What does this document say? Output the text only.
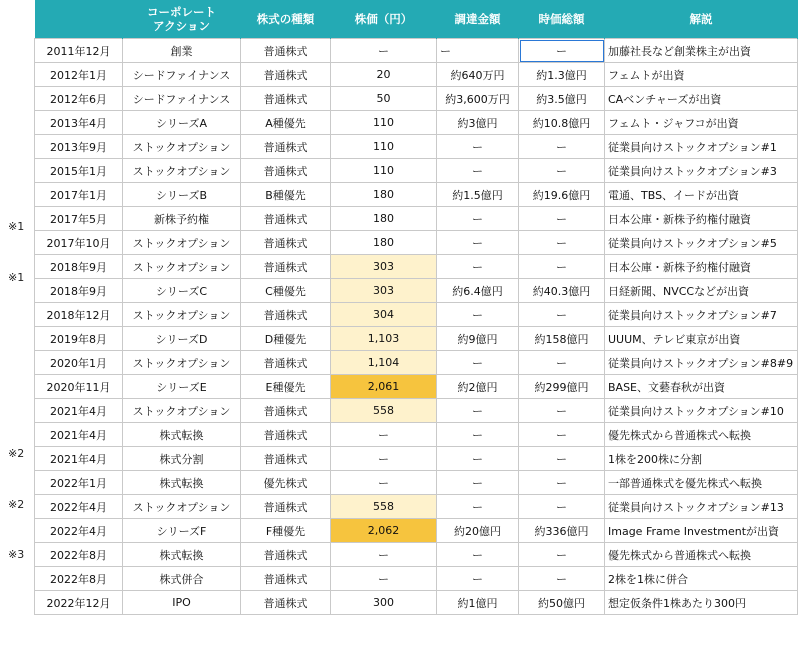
※1
※1
※2
※2
※3
	コーポレート
アクション	株式の種類	株価（円）	調達金額	時価総額	解説
2011年12月	創業	普通株式	ー	ー	ー	加藤社長など創業株主が出資
2012年1月	シードファイナンス	普通株式	20	約640万円	約1.3億円	フェムトが出資
2012年6月	シードファイナンス	普通株式	50	約3,600万円	約3.5億円	CAベンチャーズが出資
2013年4月	シリーズA	A種優先	110	約3億円	約10.8億円	フェムト・ジャフコが出資
2013年9月	ストックオプション	普通株式	110	ー	ー	従業員向けストックオプション#1
2015年1月	ストックオプション	普通株式	110	ー	ー	従業員向けストックオプション#3
2017年1月	シリーズB	B種優先	180	約1.5億円	約19.6億円	電通、TBS、イードが出資
2017年5月	新株予約権	普通株式	180	ー	ー	日本公庫・新株予約権付融資
2017年10月	ストックオプション	普通株式	180	ー	ー	従業員向けストックオプション#5
2018年9月	ストックオプション	普通株式	303	ー	ー	日本公庫・新株予約権付融資
2018年9月	シリーズC	C種優先	303	約6.4億円	約40.3億円	日経新聞、NVCCなどが出資
2018年12月	ストックオプション	普通株式	304	ー	ー	従業員向けストックオプション#7
2019年8月	シリーズD	D種優先	1,103	約9億円	約158億円	UUUM、テレビ東京が出資
2020年1月	ストックオプション	普通株式	1,104	ー	ー	従業員向けストックオプション#8#9
2020年11月	シリーズE	E種優先	2,061	約2億円	約299億円	BASE、文藝春秋が出資
2021年4月	ストックオプション	普通株式	558	ー	ー	従業員向けストックオプション#10
2021年4月	株式転換	普通株式	ー	ー	ー	優先株式から普通株式へ転換
2021年4月	株式分割	普通株式	ー	ー	ー	1株を200株に分割
2022年1月	株式転換	優先株式	ー	ー	ー	一部普通株式を優先株式へ転換
2022年4月	ストックオプション	普通株式	558	ー	ー	従業員向けストックオプション#13
2022年4月	シリーズF	F種優先	2,062	約20億円	約336億円	Image Frame Investmentが出資
2022年8月	株式転換	普通株式	ー	ー	ー	優先株式から普通株式へ転換
2022年8月	株式併合	普通株式	ー	ー	ー	2株を1株に併合
2022年12月	IPO	普通株式	300	約1億円	約50億円	想定仮条件1株あたり300円
